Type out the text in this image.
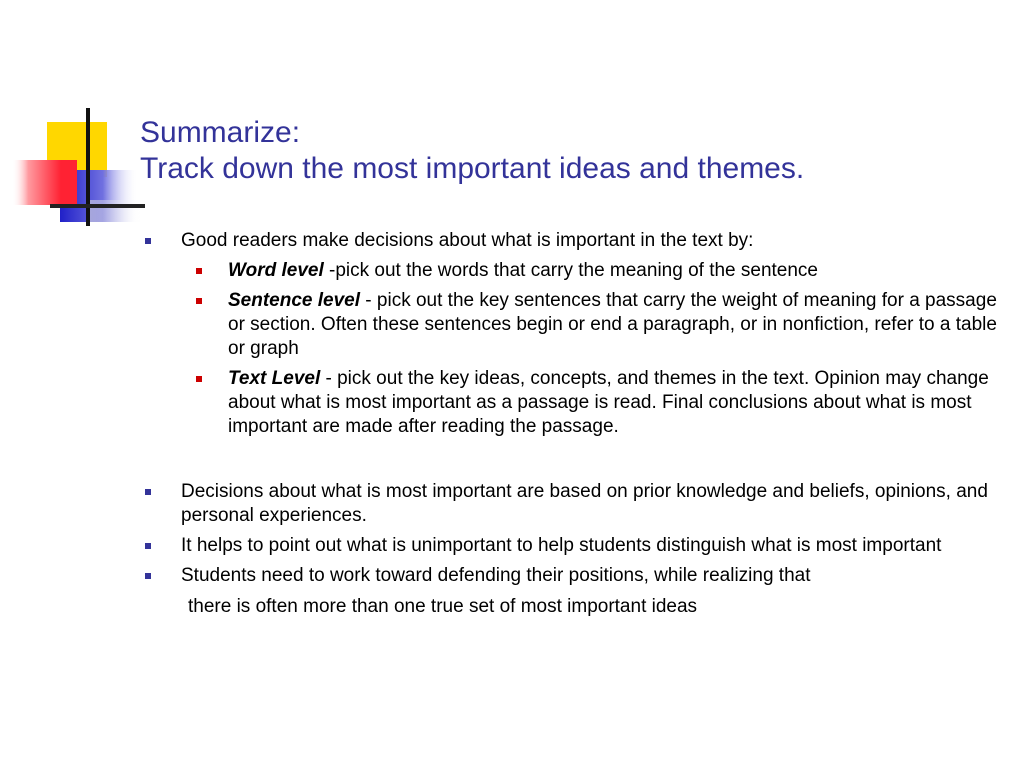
Summarize:
Track down the most important ideas and themes.
Good readers make decisions about what is important in the text by:
Word level -pick out the words that carry the meaning of the sentence
Sentence level - pick out the key sentences that carry the weight of meaning for a passage or section. Often these sentences begin or end a paragraph, or in nonfiction, refer to a table or graph
Text Level - pick out the key ideas, concepts, and themes in the text. Opinion may change about what is most important as a passage is read. Final conclusions about what is most important are made after reading the passage.
Decisions about what is most important are based on prior knowledge and beliefs, opinions, and personal experiences.
It helps to point out what is unimportant to help students distinguish what is most important
Students need to work toward defending their positions, while realizing that
there is often more than one true set of most important ideas
